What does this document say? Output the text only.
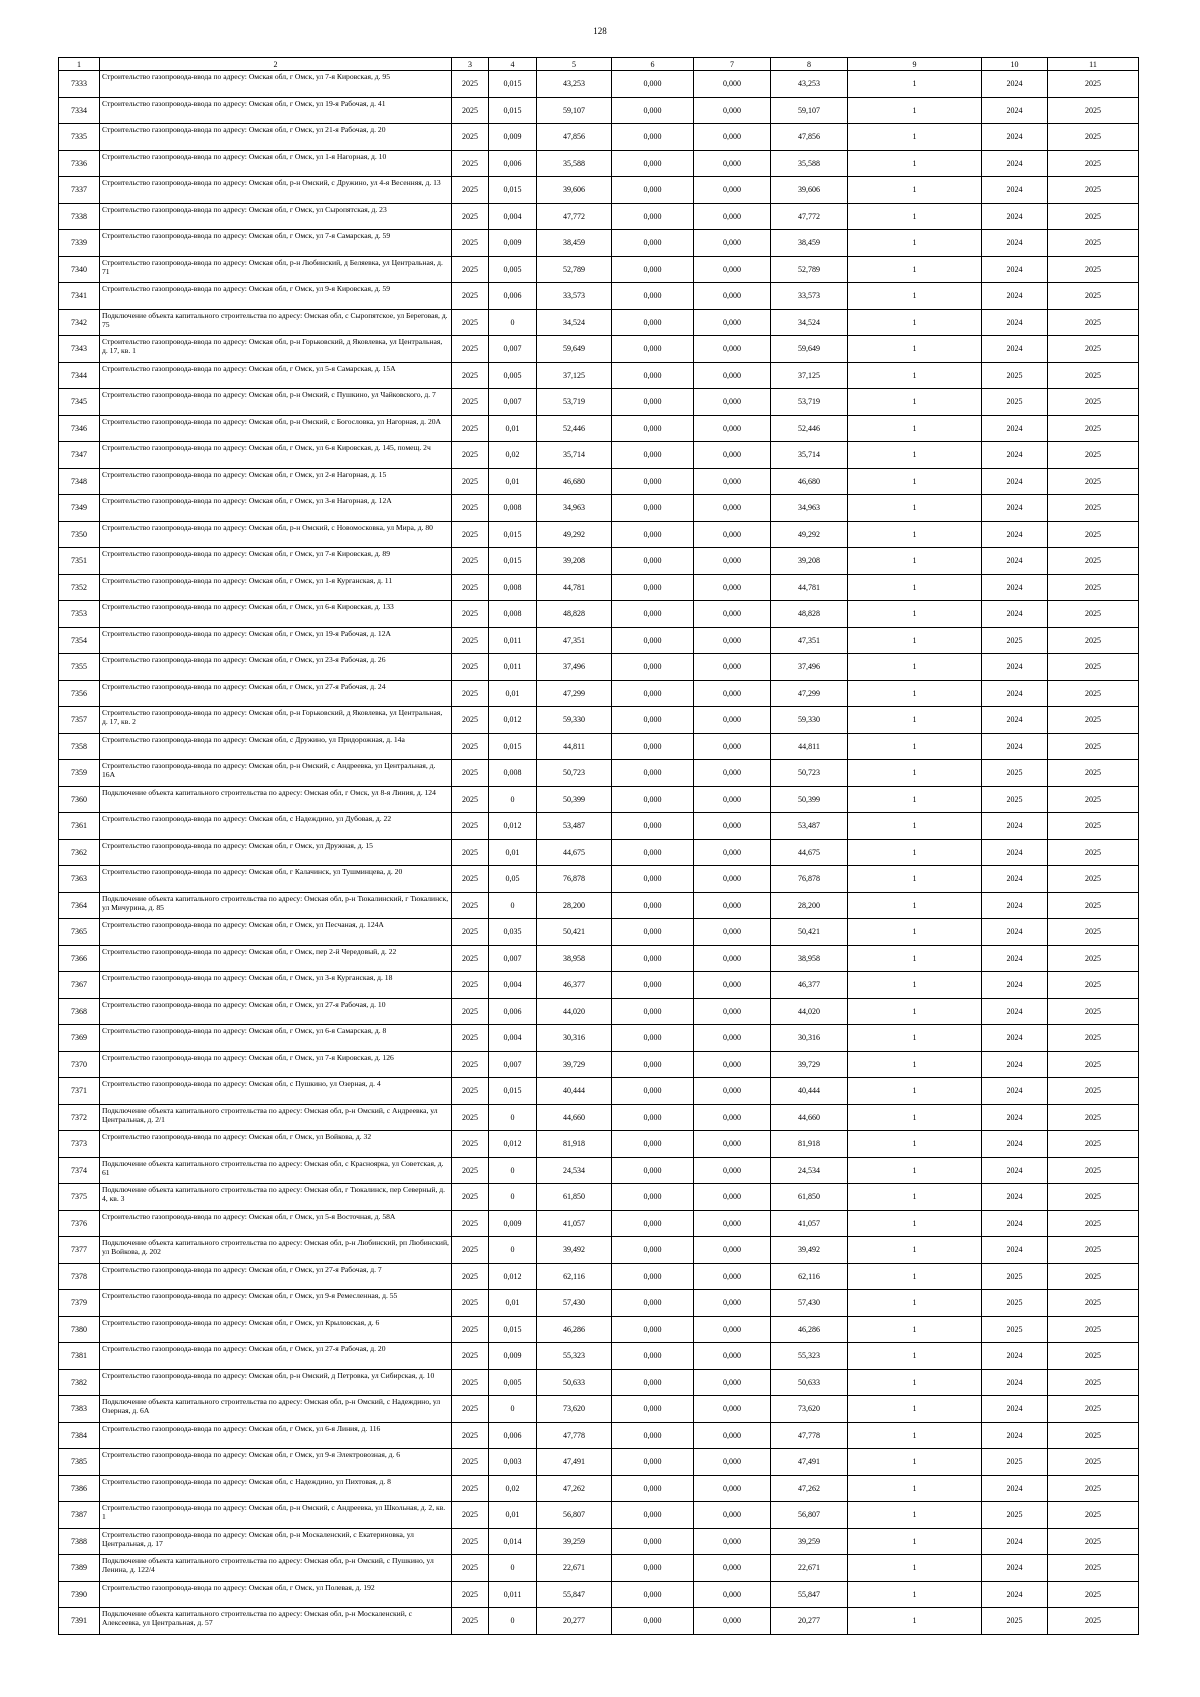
128
1	2	3	4	5	6	7	8	9	10	11
7333	Строительство газопровода-ввода по адресу: Омская обл, г Омск, ул 7-я Кировская, д. 95	2025	0,015	43,253	0,000	0,000	43,253	1	2024	2025
7334	Строительство газопровода-ввода по адресу: Омская обл, г Омск, ул 19-я Рабочая, д. 41	2025	0,015	59,107	0,000	0,000	59,107	1	2024	2025
7335	Строительство газопровода-ввода по адресу: Омская обл, г Омск, ул 21-я Рабочая, д. 20	2025	0,009	47,856	0,000	0,000	47,856	1	2024	2025
7336	Строительство газопровода-ввода по адресу: Омская обл, г Омск, ул 1-я Нагорная, д. 10	2025	0,006	35,588	0,000	0,000	35,588	1	2024	2025
7337	Строительство газопровода-ввода по адресу: Омская обл, р-н Омский, с Дружино, ул 4-я Весенняя, д. 13	2025	0,015	39,606	0,000	0,000	39,606	1	2024	2025
7338	Строительство газопровода-ввода по адресу: Омская обл, г Омск, ул Сыропятская, д. 23	2025	0,004	47,772	0,000	0,000	47,772	1	2024	2025
7339	Строительство газопровода-ввода по адресу: Омская обл, г Омск, ул 7-я Самарская, д. 59	2025	0,009	38,459	0,000	0,000	38,459	1	2024	2025
7340	Строительство газопровода-ввода по адресу: Омская обл, р-н Любинский, д Беляевка, ул Центральная, д. 71	2025	0,005	52,789	0,000	0,000	52,789	1	2024	2025
7341	Строительство газопровода-ввода по адресу: Омская обл, г Омск, ул 9-я Кировская, д. 59	2025	0,006	33,573	0,000	0,000	33,573	1	2024	2025
7342	Подключение объекта капитального строительства по адресу: Омская обл, с Сыропятское, ул Береговая, д. 75	2025	0	34,524	0,000	0,000	34,524	1	2024	2025
7343	Строительство газопровода-ввода по адресу: Омская обл, р-н Горьковский, д Яковлевка, ул Центральная, д. 17, кв. 1	2025	0,007	59,649	0,000	0,000	59,649	1	2024	2025
7344	Строительство газопровода-ввода по адресу: Омская обл, г Омск, ул 5-я Самарская, д. 15А	2025	0,005	37,125	0,000	0,000	37,125	1	2025	2025
7345	Строительство газопровода-ввода по адресу: Омская обл, р-н Омский, с Пушкино, ул Чайковского, д. 7	2025	0,007	53,719	0,000	0,000	53,719	1	2025	2025
7346	Строительство газопровода-ввода по адресу: Омская обл, р-н Омский, с Богословка, ул Нагорная, д. 20А	2025	0,01	52,446	0,000	0,000	52,446	1	2024	2025
7347	Строительство газопровода-ввода по адресу: Омская обл, г Омск, ул 6-я Кировская, д. 145, помещ. 2ч	2025	0,02	35,714	0,000	0,000	35,714	1	2024	2025
7348	Строительство газопровода-ввода по адресу: Омская обл, г Омск, ул 2-я Нагорная, д. 15	2025	0,01	46,680	0,000	0,000	46,680	1	2024	2025
7349	Строительство газопровода-ввода по адресу: Омская обл, г Омск, ул 3-я Нагорная, д. 12А	2025	0,008	34,963	0,000	0,000	34,963	1	2024	2025
7350	Строительство газопровода-ввода по адресу: Омская обл, р-н Омский, с Новомосковка, ул Мира, д. 80	2025	0,015	49,292	0,000	0,000	49,292	1	2024	2025
7351	Строительство газопровода-ввода по адресу: Омская обл, г Омск, ул 7-я Кировская, д. 89	2025	0,015	39,208	0,000	0,000	39,208	1	2024	2025
7352	Строительство газопровода-ввода по адресу: Омская обл, г Омск, ул 1-я Курганская, д. 11	2025	0,008	44,781	0,000	0,000	44,781	1	2024	2025
7353	Строительство газопровода-ввода по адресу: Омская обл, г Омск, ул 6-я Кировская, д. 133	2025	0,008	48,828	0,000	0,000	48,828	1	2024	2025
7354	Строительство газопровода-ввода по адресу: Омская обл, г Омск, ул 19-я Рабочая, д. 12А	2025	0,011	47,351	0,000	0,000	47,351	1	2025	2025
7355	Строительство газопровода-ввода по адресу: Омская обл, г Омск, ул 23-я Рабочая, д. 26	2025	0,011	37,496	0,000	0,000	37,496	1	2024	2025
7356	Строительство газопровода-ввода по адресу: Омская обл, г Омск, ул 27-я Рабочая, д. 24	2025	0,01	47,299	0,000	0,000	47,299	1	2024	2025
7357	Строительство газопровода-ввода по адресу: Омская обл, р-н Горьковский, д Яковлевка, ул Центральная, д. 17, кв. 2	2025	0,012	59,330	0,000	0,000	59,330	1	2024	2025
7358	Строительство газопровода-ввода по адресу: Омская обл, с Дружино, ул Придорожная, д. 14а	2025	0,015	44,811	0,000	0,000	44,811	1	2024	2025
7359	Строительство газопровода-ввода по адресу: Омская обл, р-н Омский, с Андреевка, ул Центральная, д. 16А	2025	0,008	50,723	0,000	0,000	50,723	1	2025	2025
7360	Подключение объекта капитального строительства по адресу: Омская обл, г Омск, ул 8-я Линия, д. 124	2025	0	50,399	0,000	0,000	50,399	1	2025	2025
7361	Строительство газопровода-ввода по адресу: Омская обл, с Надеждино, ул Дубовая, д. 22	2025	0,012	53,487	0,000	0,000	53,487	1	2024	2025
7362	Строительство газопровода-ввода по адресу: Омская обл, г Омск, ул Дружная, д. 15	2025	0,01	44,675	0,000	0,000	44,675	1	2024	2025
7363	Строительство газопровода-ввода по адресу: Омская обл, г Калачинск, ул Тушминцева, д. 20	2025	0,05	76,878	0,000	0,000	76,878	1	2024	2025
7364	Подключение объекта капитального строительства по адресу: Омская обл, р-н Тюкалинский, г Тюкалинск, ул Мичурина, д. 85	2025	0	28,200	0,000	0,000	28,200	1	2024	2025
7365	Строительство газопровода-ввода по адресу: Омская обл, г Омск, ул Песчаная, д. 124А	2025	0,035	50,421	0,000	0,000	50,421	1	2024	2025
7366	Строительство газопровода-ввода по адресу: Омская обл, г Омск, пер 2-й Чередовый, д. 22	2025	0,007	38,958	0,000	0,000	38,958	1	2024	2025
7367	Строительство газопровода-ввода по адресу: Омская обл, г Омск, ул 3-я Курганская, д. 18	2025	0,004	46,377	0,000	0,000	46,377	1	2024	2025
7368	Строительство газопровода-ввода по адресу: Омская обл, г Омск, ул 27-я Рабочая, д. 10	2025	0,006	44,020	0,000	0,000	44,020	1	2024	2025
7369	Строительство газопровода-ввода по адресу: Омская обл, г Омск, ул 6-я Самарская, д. 8	2025	0,004	30,316	0,000	0,000	30,316	1	2024	2025
7370	Строительство газопровода-ввода по адресу: Омская обл, г Омск, ул 7-я Кировская, д. 126	2025	0,007	39,729	0,000	0,000	39,729	1	2024	2025
7371	Строительство газопровода-ввода по адресу: Омская обл, с Пушкино, ул Озерная, д. 4	2025	0,015	40,444	0,000	0,000	40,444	1	2024	2025
7372	Подключение объекта капитального строительства по адресу: Омская обл, р-н Омский, с Андреевка, ул Центральная, д. 2/1	2025	0	44,660	0,000	0,000	44,660	1	2024	2025
7373	Строительство газопровода-ввода по адресу: Омская обл, г Омск, ул Войкова, д. 32	2025	0,012	81,918	0,000	0,000	81,918	1	2024	2025
7374	Подключение объекта капитального строительства по адресу: Омская обл, с Красноярка, ул Советская, д. 61	2025	0	24,534	0,000	0,000	24,534	1	2024	2025
7375	Подключение объекта капитального строительства по адресу: Омская обл, г Тюкалинск, пер Северный, д. 4, кв. 3	2025	0	61,850	0,000	0,000	61,850	1	2024	2025
7376	Строительство газопровода-ввода по адресу: Омская обл, г Омск, ул 5-я Восточная, д. 58А	2025	0,009	41,057	0,000	0,000	41,057	1	2024	2025
7377	Подключение объекта капитального строительства по адресу: Омская обл, р-н Любинский, рп Любинский, ул Войкова, д. 202	2025	0	39,492	0,000	0,000	39,492	1	2024	2025
7378	Строительство газопровода-ввода по адресу: Омская обл, г Омск, ул 27-я Рабочая, д. 7	2025	0,012	62,116	0,000	0,000	62,116	1	2025	2025
7379	Строительство газопровода-ввода по адресу: Омская обл, г Омск, ул 9-я Ремесленная, д. 55	2025	0,01	57,430	0,000	0,000	57,430	1	2025	2025
7380	Строительство газопровода-ввода по адресу: Омская обл, г Омск, ул Крыловская, д. 6	2025	0,015	46,286	0,000	0,000	46,286	1	2025	2025
7381	Строительство газопровода-ввода по адресу: Омская обл, г Омск, ул 27-я Рабочая, д. 20	2025	0,009	55,323	0,000	0,000	55,323	1	2024	2025
7382	Строительство газопровода-ввода по адресу: Омская обл, р-н Омский, д Петровка, ул Сибирская, д. 10	2025	0,005	50,633	0,000	0,000	50,633	1	2024	2025
7383	Подключение объекта капитального строительства по адресу: Омская обл, р-н Омский, с Надеждино, ул Озерная, д. 6А	2025	0	73,620	0,000	0,000	73,620	1	2024	2025
7384	Строительство газопровода-ввода по адресу: Омская обл, г Омск, ул 6-я Линия, д. 116	2025	0,006	47,778	0,000	0,000	47,778	1	2024	2025
7385	Строительство газопровода-ввода по адресу: Омская обл, г Омск, ул 9-я Электровозная, д. 6	2025	0,003	47,491	0,000	0,000	47,491	1	2025	2025
7386	Строительство газопровода-ввода по адресу: Омская обл, с Надеждино, ул Пихтовая, д. 8	2025	0,02	47,262	0,000	0,000	47,262	1	2024	2025
7387	Строительство газопровода-ввода по адресу: Омская обл, р-н Омский, с Андреевка, ул Школьная, д. 2, кв. 1	2025	0,01	56,807	0,000	0,000	56,807	1	2025	2025
7388	Строительство газопровода-ввода по адресу: Омская обл, р-н Москаленский, с Екатериновка, ул Центральная, д. 17	2025	0,014	39,259	0,000	0,000	39,259	1	2024	2025
7389	Подключение объекта капитального строительства по адресу: Омская обл, р-н Омский, с Пушкино, ул Ленина, д. 122/4	2025	0	22,671	0,000	0,000	22,671	1	2024	2025
7390	Строительство газопровода-ввода по адресу: Омская обл, г Омск, ул Полевая, д. 192	2025	0,011	55,847	0,000	0,000	55,847	1	2024	2025
7391	Подключение объекта капитального строительства по адресу: Омская обл, р-н Москаленский, с Алексеевка, ул Центральная, д. 57	2025	0	20,277	0,000	0,000	20,277	1	2025	2025
